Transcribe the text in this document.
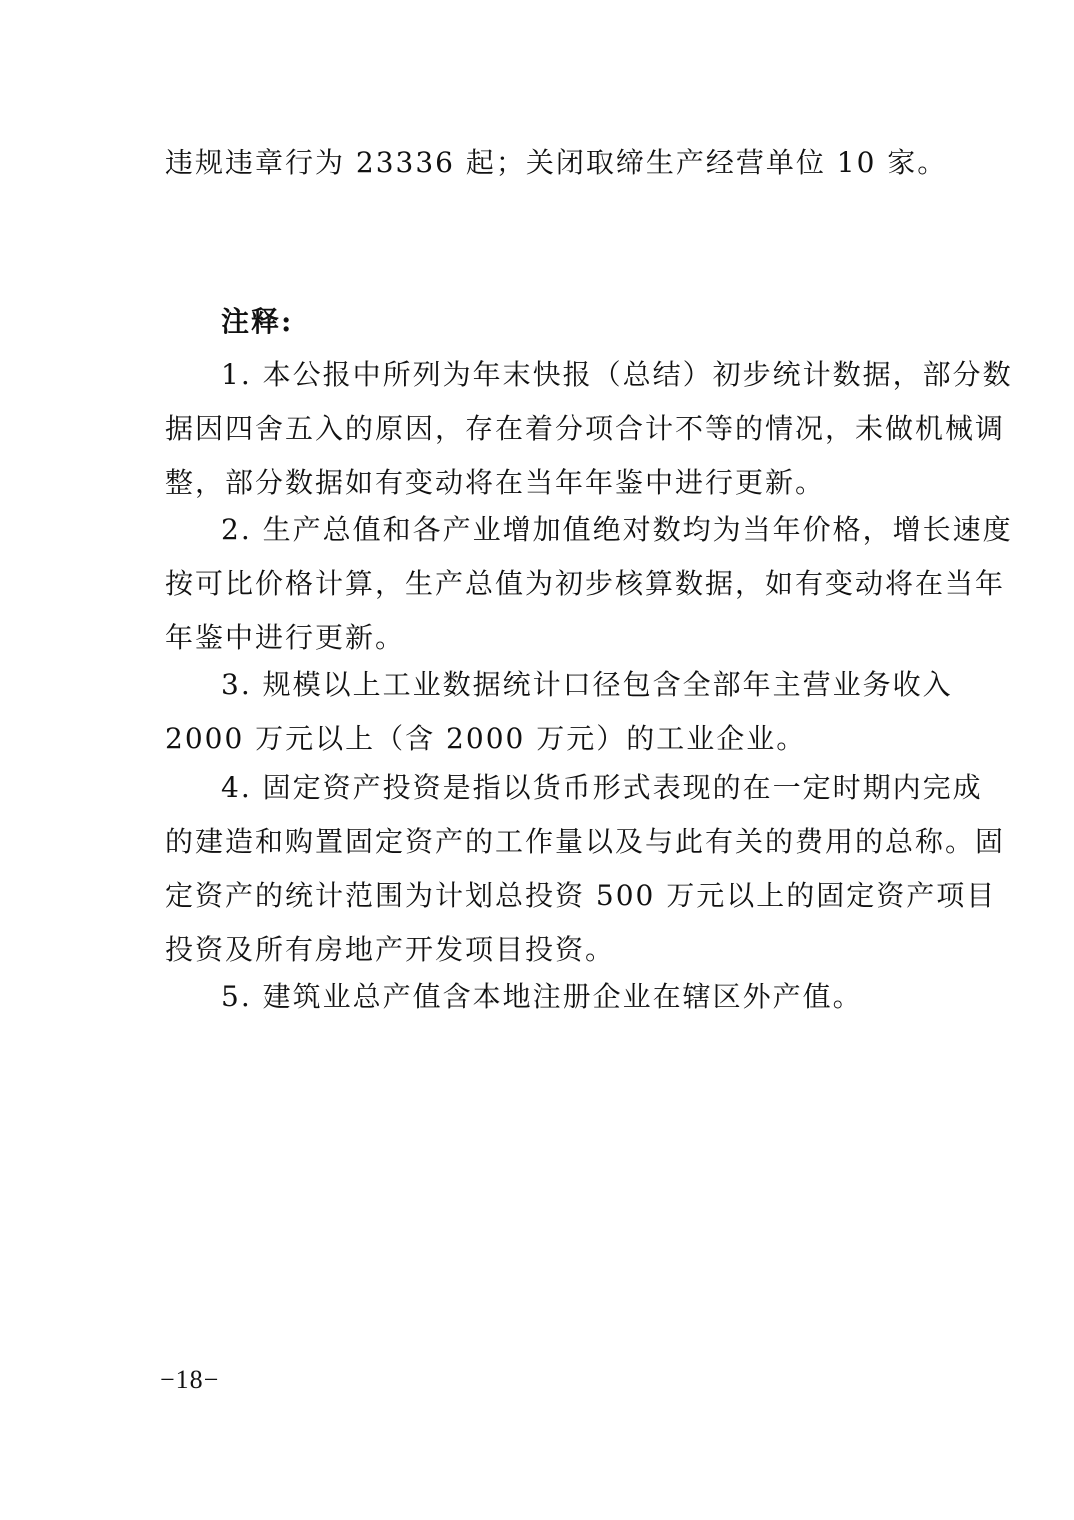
违规违章行为 23336 起；关闭取缔生产经营单位 10 家。
注释:
1. 本公报中所列为年末快报（总结）初步统计数据，部分数
据因四舍五入的原因，存在着分项合计不等的情况，未做机械调
整，部分数据如有变动将在当年年鉴中进行更新。
2. 生产总值和各产业增加值绝对数均为当年价格，增长速度
按可比价格计算，生产总值为初步核算数据，如有变动将在当年
年鉴中进行更新。
3. 规模以上工业数据统计口径包含全部年主营业务收入
2000 万元以上（含 2000 万元）的工业企业。
4. 固定资产投资是指以货币形式表现的在一定时期内完成
的建造和购置固定资产的工作量以及与此有关的费用的总称。固
定资产的统计范围为计划总投资 500 万元以上的固定资产项目
投资及所有房地产开发项目投资。
5. 建筑业总产值含本地注册企业在辖区外产值。
−18−
